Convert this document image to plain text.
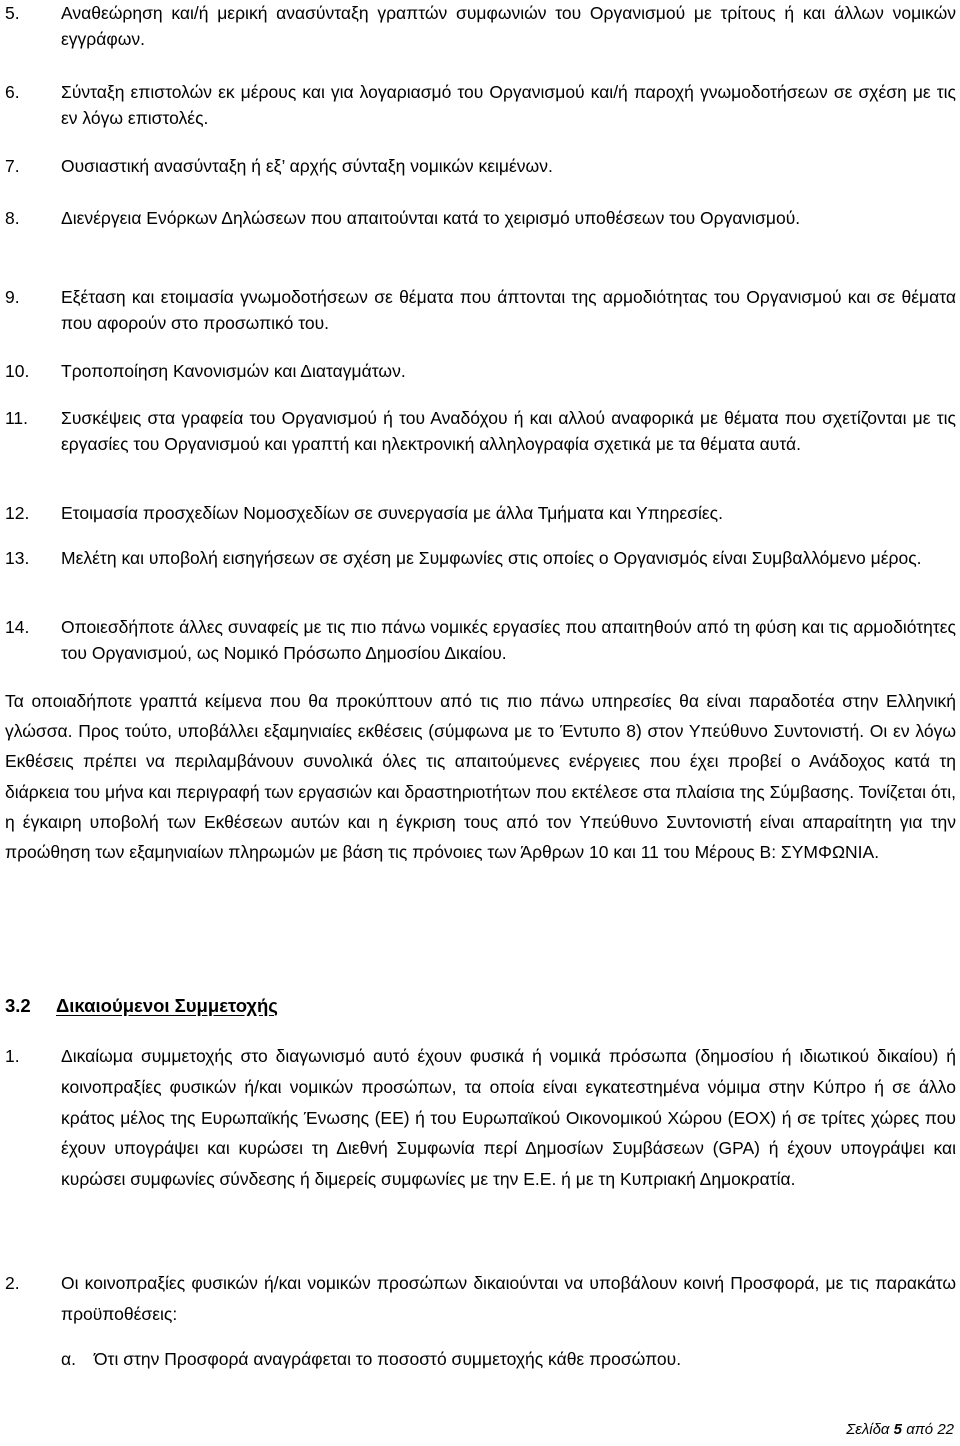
5. Αναθεώρηση και/ή μερική ανασύνταξη γραπτών συμφωνιών του Οργανισμού με τρίτους ή και άλλων νομικών εγγράφων.
6. Σύνταξη επιστολών εκ μέρους και για λογαριασμό του Οργανισμού και/ή παροχή γνωμοδοτήσεων σε σχέση με τις εν λόγω επιστολές.
7. Ουσιαστική ανασύνταξη ή εξ’ αρχής σύνταξη νομικών κειμένων.
8. Διενέργεια Ενόρκων Δηλώσεων που απαιτούνται κατά το χειρισμό υποθέσεων του Οργανισμού.
9. Εξέταση και ετοιμασία γνωμοδοτήσεων σε θέματα που άπτονται της αρμοδιότητας του Οργανισμού και σε θέματα που αφορούν στο προσωπικό του.
10. Τροποποίηση Κανονισμών και Διαταγμάτων.
11. Συσκέψεις στα γραφεία του Οργανισμού ή του Αναδόχου ή και αλλού αναφορικά με θέματα που σχετίζονται με τις εργασίες του Οργανισμού και γραπτή και ηλεκτρονική αλληλογραφία σχετικά με τα θέματα αυτά.
12. Ετοιμασία προσχεδίων Νομοσχεδίων σε συνεργασία με άλλα Τμήματα και Υπηρεσίες.
13. Μελέτη και υποβολή εισηγήσεων σε σχέση με Συμφωνίες στις οποίες ο Οργανισμός είναι Συμβαλλόμενο μέρος.
14. Οποιεσδήποτε άλλες συναφείς με τις πιο πάνω νομικές εργασίες που απαιτηθούν από τη φύση και τις αρμοδιότητες του Οργανισμού, ως Νομικό Πρόσωπο Δημοσίου Δικαίου.
Τα οποιαδήποτε γραπτά κείμενα που θα προκύπτουν από τις πιο πάνω υπηρεσίες θα είναι παραδοτέα στην Ελληνική γλώσσα. Προς τούτο, υποβάλλει εξαμηνιαίες εκθέσεις (σύμφωνα με το Έντυπο 8) στον Υπεύθυνο Συντονιστή. Οι εν λόγω Εκθέσεις πρέπει να περιλαμβάνουν συνολικά όλες τις απαιτούμενες ενέργειες που έχει προβεί ο Ανάδοχος κατά τη διάρκεια του μήνα και περιγραφή των εργασιών και δραστηριοτήτων που εκτέλεσε στα πλαίσια της Σύμβασης. Τονίζεται ότι, η έγκαιρη υποβολή των Εκθέσεων αυτών και η έγκριση τους από τον Υπεύθυνο Συντονιστή είναι απαραίτητη για την προώθηση των εξαμηνιαίων πληρωμών με βάση τις πρόνοιες των Άρθρων 10 και 11 του Μέρους Β: ΣΥΜΦΩΝΙΑ.
3.2 Δικαιούμενοι Συμμετοχής
1. Δικαίωμα συμμετοχής στο διαγωνισμό αυτό έχουν φυσικά ή νομικά πρόσωπα (δημοσίου ή ιδιωτικού δικαίου) ή κοινοπραξίες φυσικών ή/και νομικών προσώπων, τα οποία είναι εγκατεστημένα νόμιμα στην Κύπρο ή σε άλλο κράτος μέλος της Ευρωπαϊκής Ένωσης (ΕΕ) ή του Ευρωπαϊκού Οικονομικού Χώρου (ΕΟΧ) ή σε τρίτες χώρες που έχουν υπογράψει και κυρώσει τη Διεθνή Συμφωνία περί Δημοσίων Συμβάσεων (GPA) ή έχουν υπογράψει και κυρώσει συμφωνίες σύνδεσης ή διμερείς συμφωνίες με την Ε.Ε. ή με τη Κυπριακή Δημοκρατία.
2. Οι κοινοπραξίες φυσικών ή/και νομικών προσώπων δικαιούνται να υποβάλουν κοινή Προσφορά, με τις παρακάτω προϋποθέσεις:
α. Ότι στην Προσφορά αναγράφεται το ποσοστό συμμετοχής κάθε προσώπου.
Σελίδα 5 από 22
